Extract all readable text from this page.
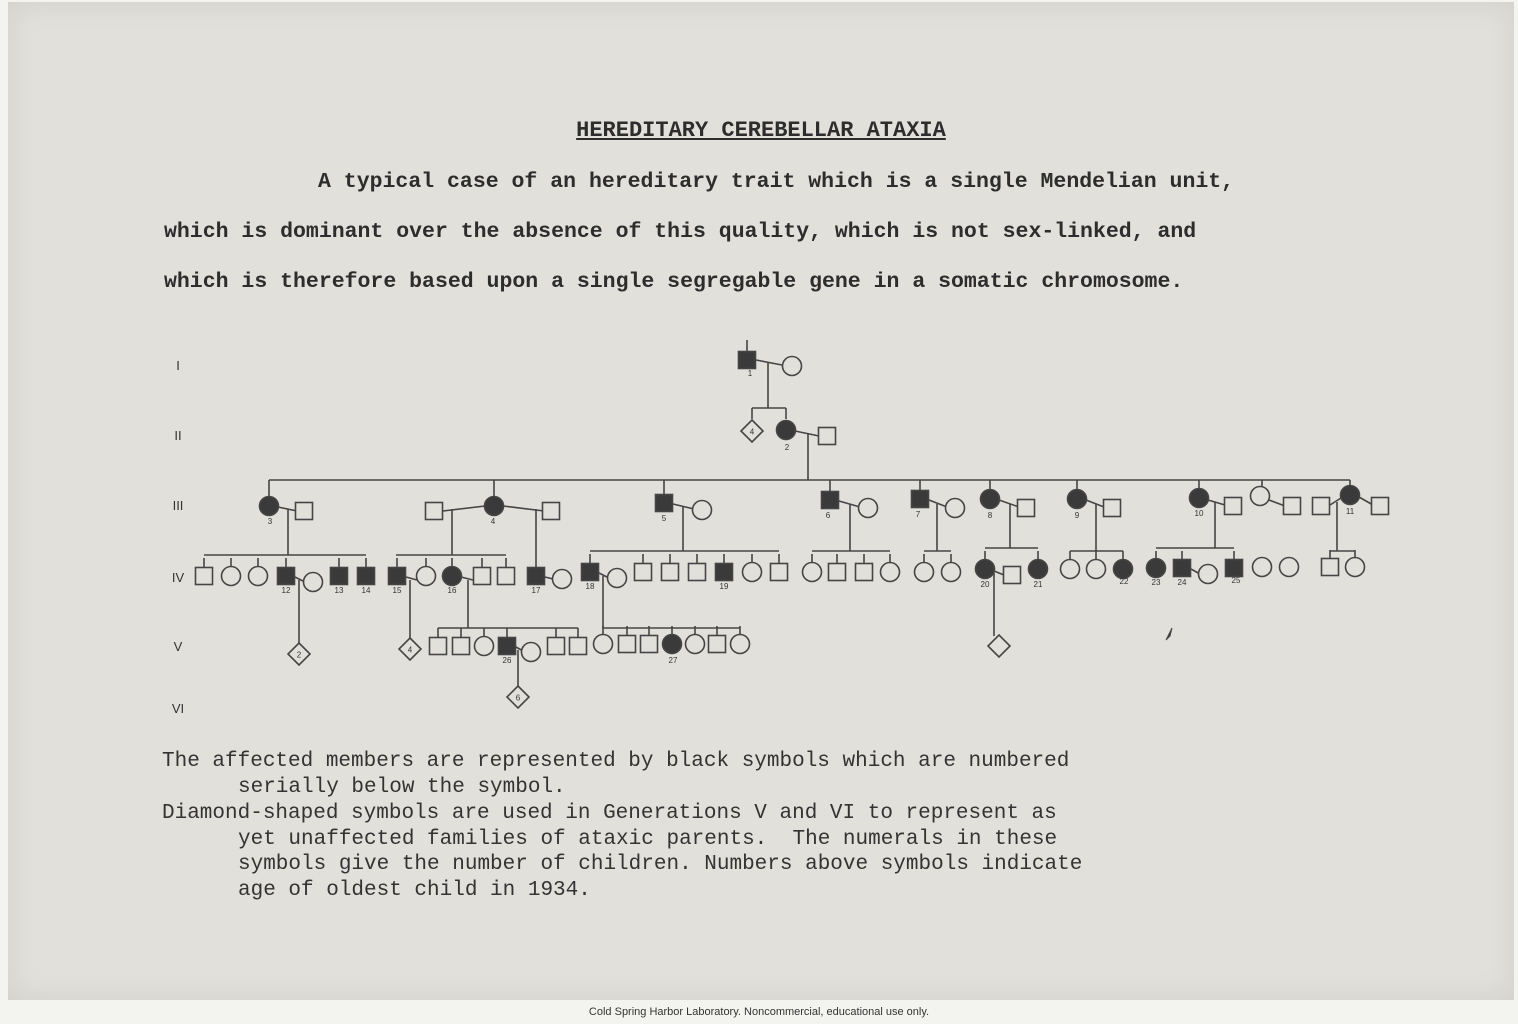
HEREDITARY CEREBELLAR ATAXIA

A typical case of an hereditary trait which is a single Mendelian unit,

which is dominant over the absence of this quality, which is not sex-linked, and

which is therefore based upon a single segregable gene in a somatic chromosome.

The affected members are represented by black symbols which are numbered

serially below the symbol.

Diamond-shaped symbols are used in Generations V and VI to represent as

yet unaffected families of ataxic parents.  The numerals in these

symbols give the number of children. Numbers above symbols indicate

age of oldest child in 1934.

I
II
III
IV
V
VI
1
4
2
3
12	13 14
2
4
15	16
4
26
6
17
5
18	19
27
6	7	8
20	21
9
22
10
23 24	25
11
Cold Spring Harbor Laboratory. Noncommercial, educational use only.
